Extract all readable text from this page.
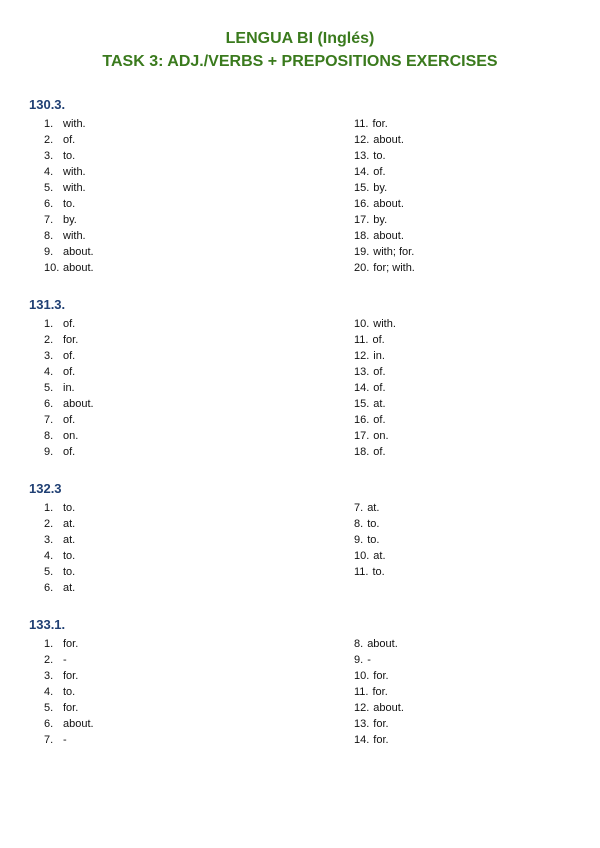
LENGUA BI (Inglés)
TASK 3: ADJ./VERBS + PREPOSITIONS EXERCISES
130.3.
1. with.
2. of.
3. to.
4. with.
5. with.
6. to.
7. by.
8. with.
9. about.
10. about.
11. for.
12. about.
13. to.
14. of.
15. by.
16. about.
17. by.
18. about.
19. with; for.
20. for; with.
131.3.
1. of.
2. for.
3. of.
4. of.
5. in.
6. about.
7. of.
8. on.
9. of.
10. with.
11. of.
12. in.
13. of.
14. of.
15. at.
16. of.
17. on.
18. of.
132.3
1. to.
2. at.
3. at.
4. to.
5. to.
6. at.
7. at.
8. to.
9. to.
10. at.
11. to.
133.1.
1. for.
2. -
3. for.
4. to.
5. for.
6. about.
7. -
8. about.
9. -
10. for.
11. for.
12. about.
13. for.
14. for.
